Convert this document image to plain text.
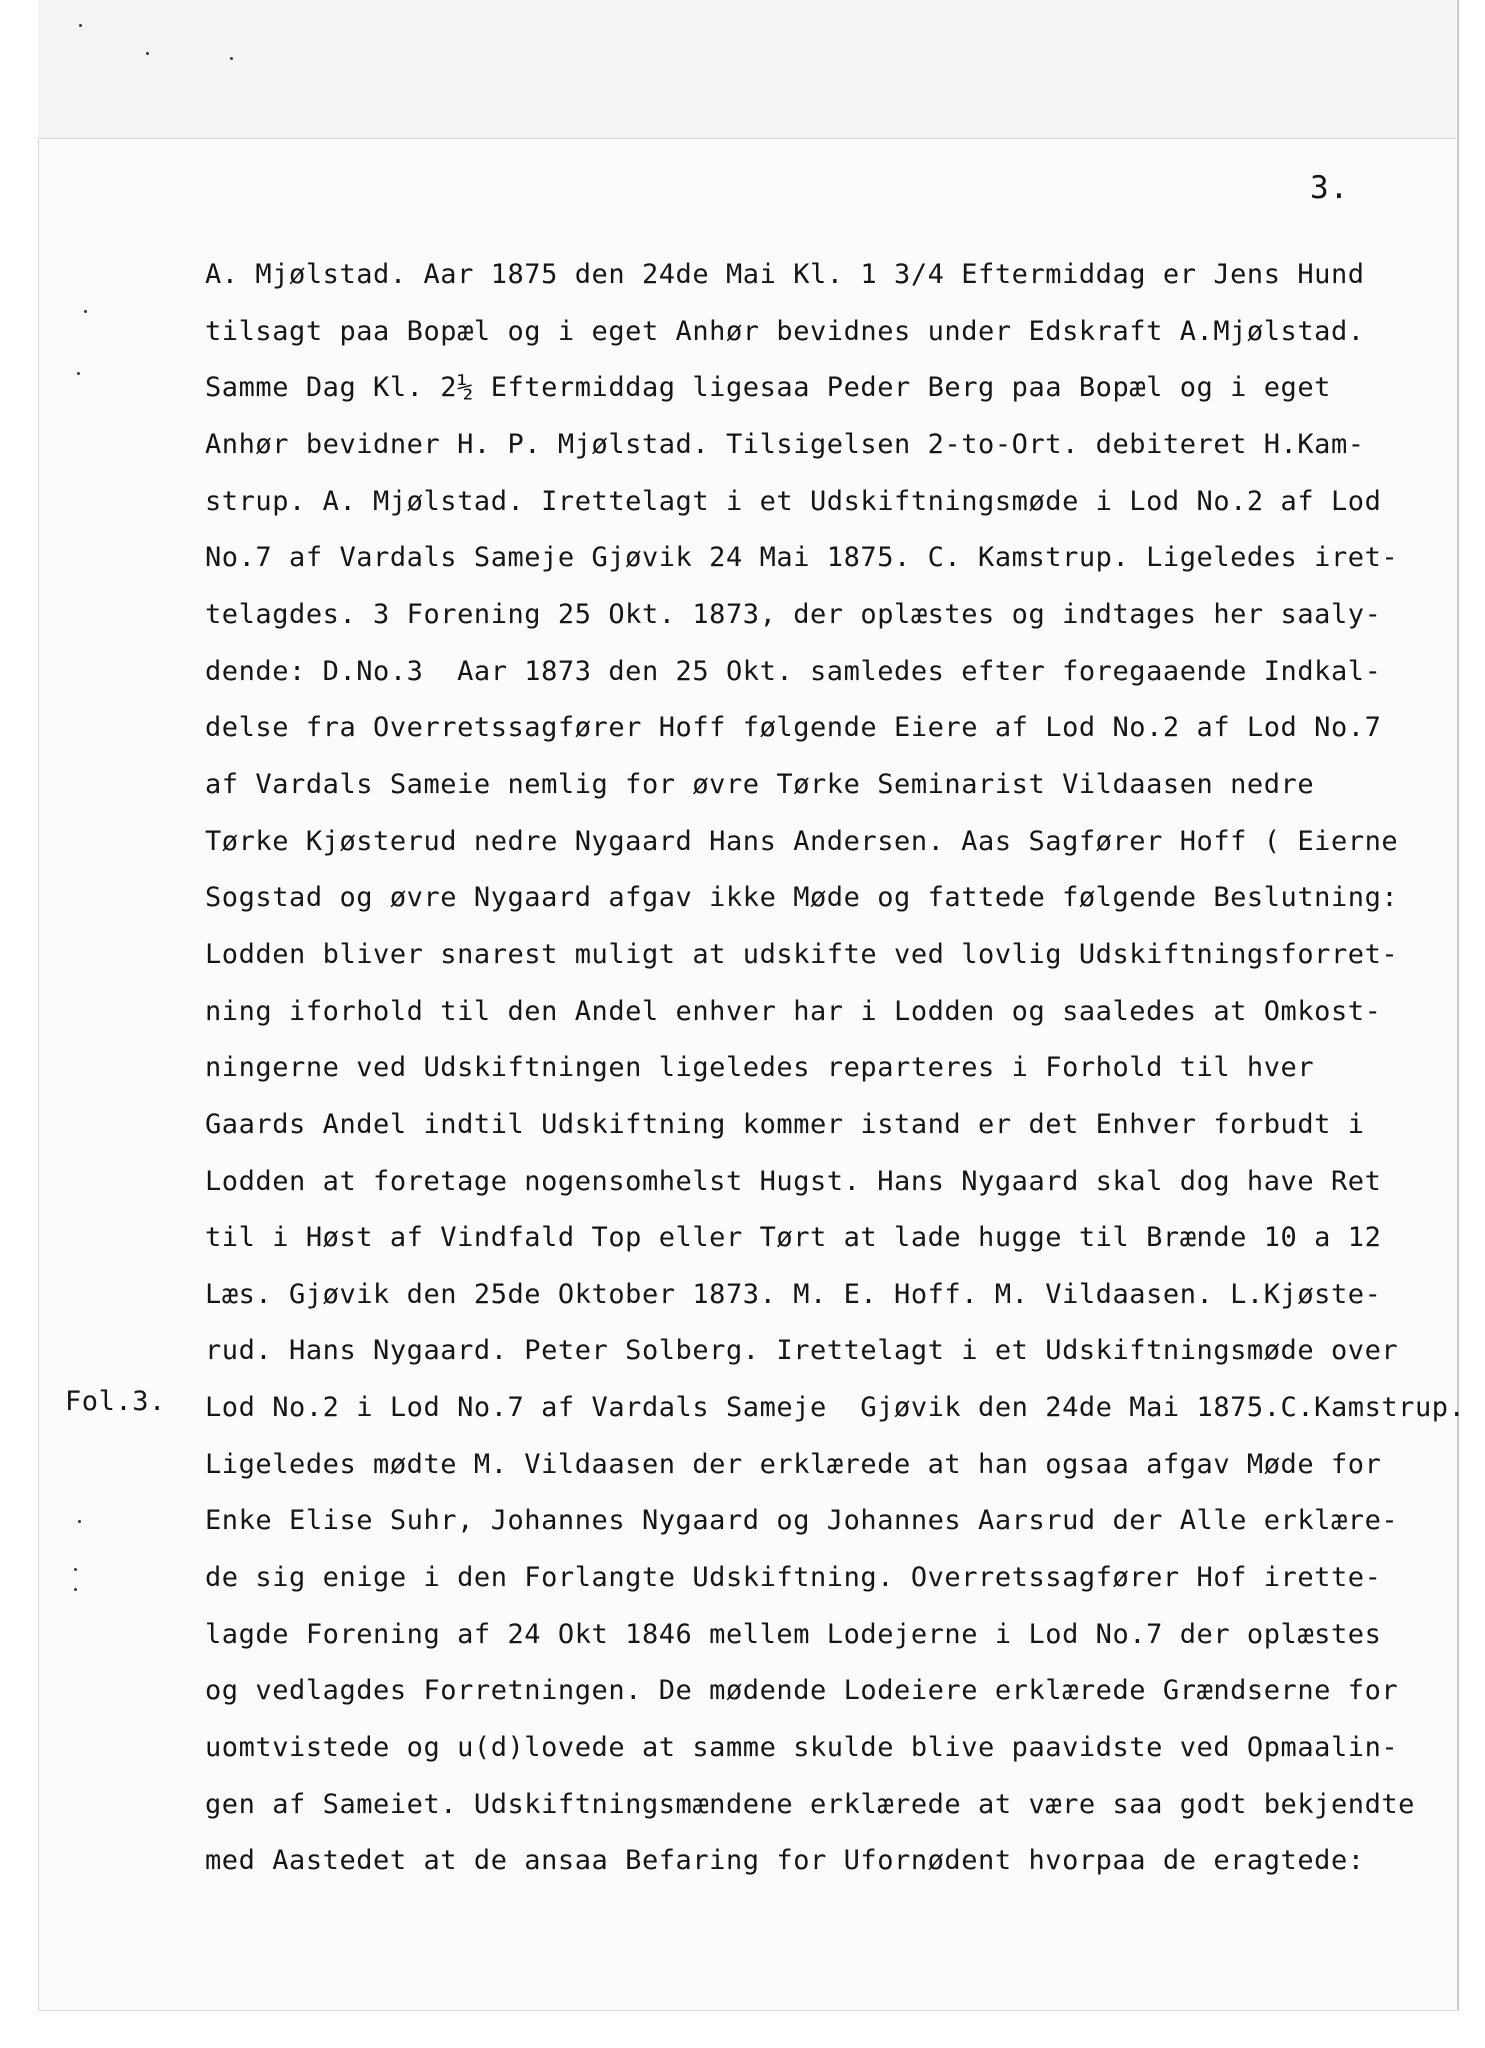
3.
Fol.3.
A. Mjølstad. Aar 1875 den 24de Mai Kl. 1 3/4 Eftermiddag er Jens Hund
tilsagt paa Bopæl og i eget Anhør bevidnes under Edskraft A.Mjølstad.
Samme Dag Kl. 2½ Eftermiddag ligesaa Peder Berg paa Bopæl og i eget
Anhør bevidner H. P. Mjølstad. Tilsigelsen 2-to-Ort. debiteret H.Kam-
strup. A. Mjølstad. Irettelagt i et Udskiftningsmøde i Lod No.2 af Lod
No.7 af Vardals Sameje Gjøvik 24 Mai 1875. C. Kamstrup. Ligeledes iret-
telagdes. 3 Forening 25 Okt. 1873, der oplæstes og indtages her saaly-
dende: D.No.3  Aar 1873 den 25 Okt. samledes efter foregaaende Indkal-
delse fra Overretssagfører Hoff følgende Eiere af Lod No.2 af Lod No.7
af Vardals Sameie nemlig for øvre Tørke Seminarist Vildaasen nedre
Tørke Kjøsterud nedre Nygaard Hans Andersen. Aas Sagfører Hoff ( Eierne
Sogstad og øvre Nygaard afgav ikke Møde og fattede følgende Beslutning:
Lodden bliver snarest muligt at udskifte ved lovlig Udskiftningsforret-
ning iforhold til den Andel enhver har i Lodden og saaledes at Omkost-
ningerne ved Udskiftningen ligeledes reparteres i Forhold til hver
Gaards Andel indtil Udskiftning kommer istand er det Enhver forbudt i
Lodden at foretage nogensomhelst Hugst. Hans Nygaard skal dog have Ret
til i Høst af Vindfald Top eller Tørt at lade hugge til Brænde 10 a 12
Læs. Gjøvik den 25de Oktober 1873. M. E. Hoff. M. Vildaasen. L.Kjøste-
rud. Hans Nygaard. Peter Solberg. Irettelagt i et Udskiftningsmøde over
Lod No.2 i Lod No.7 af Vardals Sameje  Gjøvik den 24de Mai 1875.C.Kamstrup.
Ligeledes mødte M. Vildaasen der erklærede at han ogsaa afgav Møde for
Enke Elise Suhr, Johannes Nygaard og Johannes Aarsrud der Alle erklære-
de sig enige i den Forlangte Udskiftning. Overretssagfører Hof irette-
lagde Forening af 24 Okt 1846 mellem Lodejerne i Lod No.7 der oplæstes
og vedlagdes Forretningen. De mødende Lodeiere erklærede Grændserne for
uomtvistede og u(d)lovede at samme skulde blive paavidste ved Opmaalin-
gen af Sameiet. Udskiftningsmændene erklærede at være saa godt bekjendte
med Aastedet at de ansaa Befaring for Ufornødent hvorpaa de eragtede:
